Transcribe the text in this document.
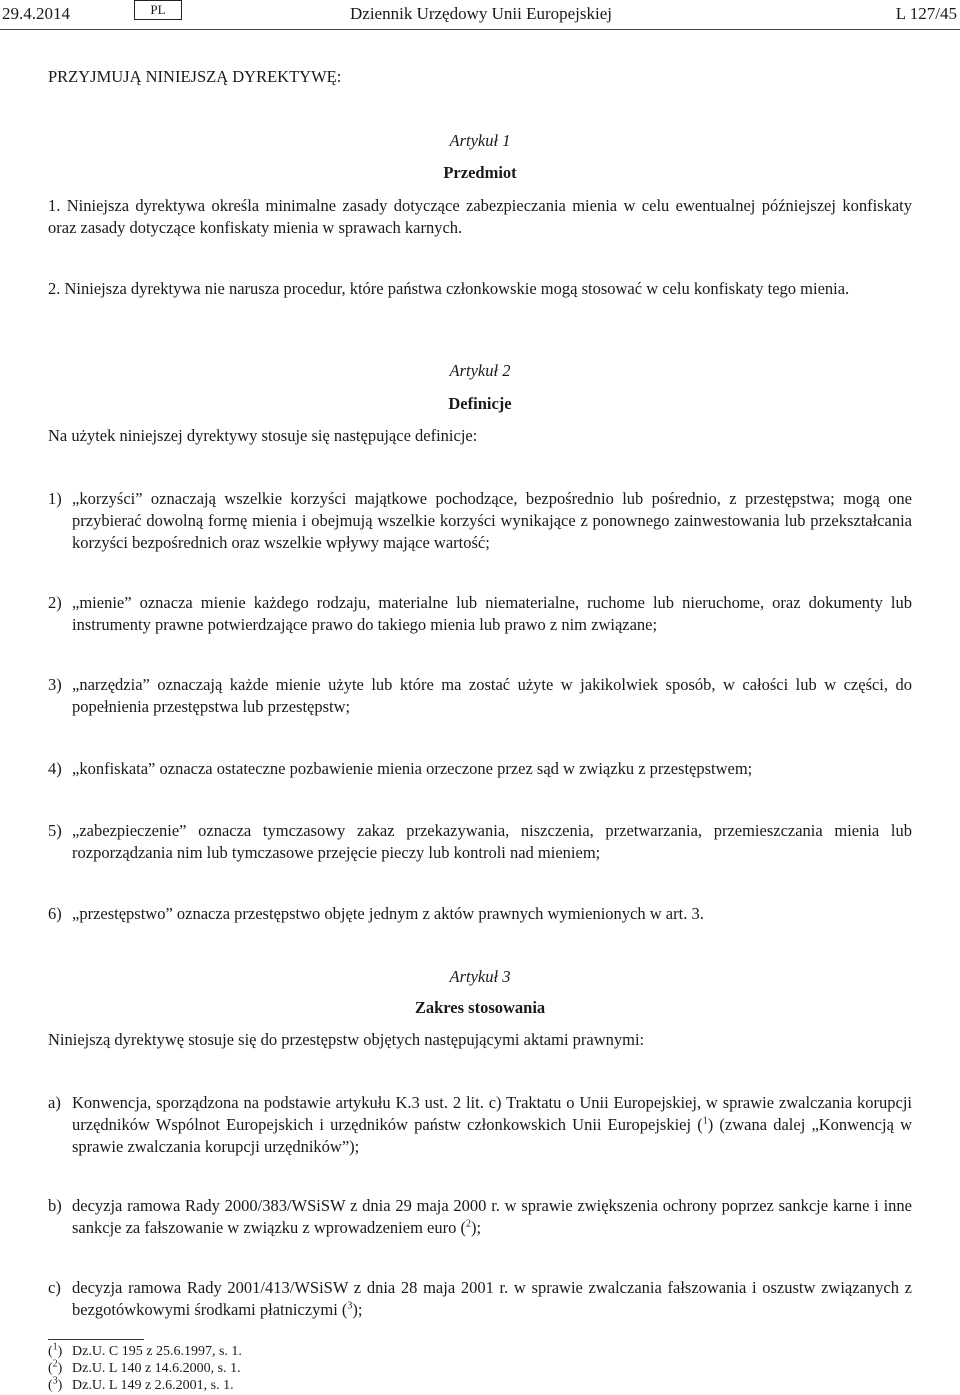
29.4.2014	PL	Dziennik Urzędowy Unii Europejskiej	L 127/45
PRZYJMUJĄ NINIEJSZĄ DYREKTYWĘ:
Artykuł 1
Przedmiot
1. Niniejsza dyrektywa określa minimalne zasady dotyczące zabezpieczania mienia w celu ewentualnej późniejszej konfiskaty oraz zasady dotyczące konfiskaty mienia w sprawach karnych.
2. Niniejsza dyrektywa nie narusza procedur, które państwa członkowskie mogą stosować w celu konfiskaty tego mienia.
Artykuł 2
Definicje
Na użytek niniejszej dyrektywy stosuje się następujące definicje:
1) „korzyści” oznaczają wszelkie korzyści majątkowe pochodzące, bezpośrednio lub pośrednio, z przestępstwa; mogą one przybierać dowolną formę mienia i obejmują wszelkie korzyści wynikające z ponownego zainwestowania lub przekształcania korzyści bezpośrednich oraz wszelkie wpływy mające wartość;
2) „mienie” oznacza mienie każdego rodzaju, materialne lub niematerialne, ruchome lub nieruchome, oraz dokumenty lub instrumenty prawne potwierdzające prawo do takiego mienia lub prawo z nim związane;
3) „narzędzia” oznaczają każde mienie użyte lub które ma zostać użyte w jakikolwiek sposób, w całości lub w części, do popełnienia przestępstwa lub przestępstw;
4) „konfiskata” oznacza ostateczne pozbawienie mienia orzeczone przez sąd w związku z przestępstwem;
5) „zabezpieczenie” oznacza tymczasowy zakaz przekazywania, niszczenia, przetwarzania, przemieszczania mienia lub rozporządzania nim lub tymczasowe przejęcie pieczy lub kontroli nad mieniem;
6) „przestępstwo” oznacza przestępstwo objęte jednym z aktów prawnych wymienionych w art. 3.
Artykuł 3
Zakres stosowania
Niniejszą dyrektywę stosuje się do przestępstw objętych następującymi aktami prawnymi:
a) Konwencja, sporządzona na podstawie artykułu K.3 ust. 2 lit. c) Traktatu o Unii Europejskiej, w sprawie zwalczania korupcji urzędników Wspólnot Europejskich i urzędników państw członkowskich Unii Europejskiej ($^1$) (zwana dalej „Konwencją w sprawie zwalczania korupcji urzędników”);
b) decyzja ramowa Rady 2000/383/WSiSW z dnia 29 maja 2000 r. w sprawie zwiększenia ochrony poprzez sankcje karne i inne sankcje za fałszowanie w związku z wprowadzeniem euro ($^2$);
c) decyzja ramowa Rady 2001/413/WSiSW z dnia 28 maja 2001 r. w sprawie zwalczania fałszowania i oszustw związanych z bezgotówkowymi środkami płatniczymi ($^3$);
($^1$) Dz.U. C 195 z 25.6.1997, s. 1.
($^2$) Dz.U. L 140 z 14.6.2000, s. 1.
($^3$) Dz.U. L 149 z 2.6.2001, s. 1.
